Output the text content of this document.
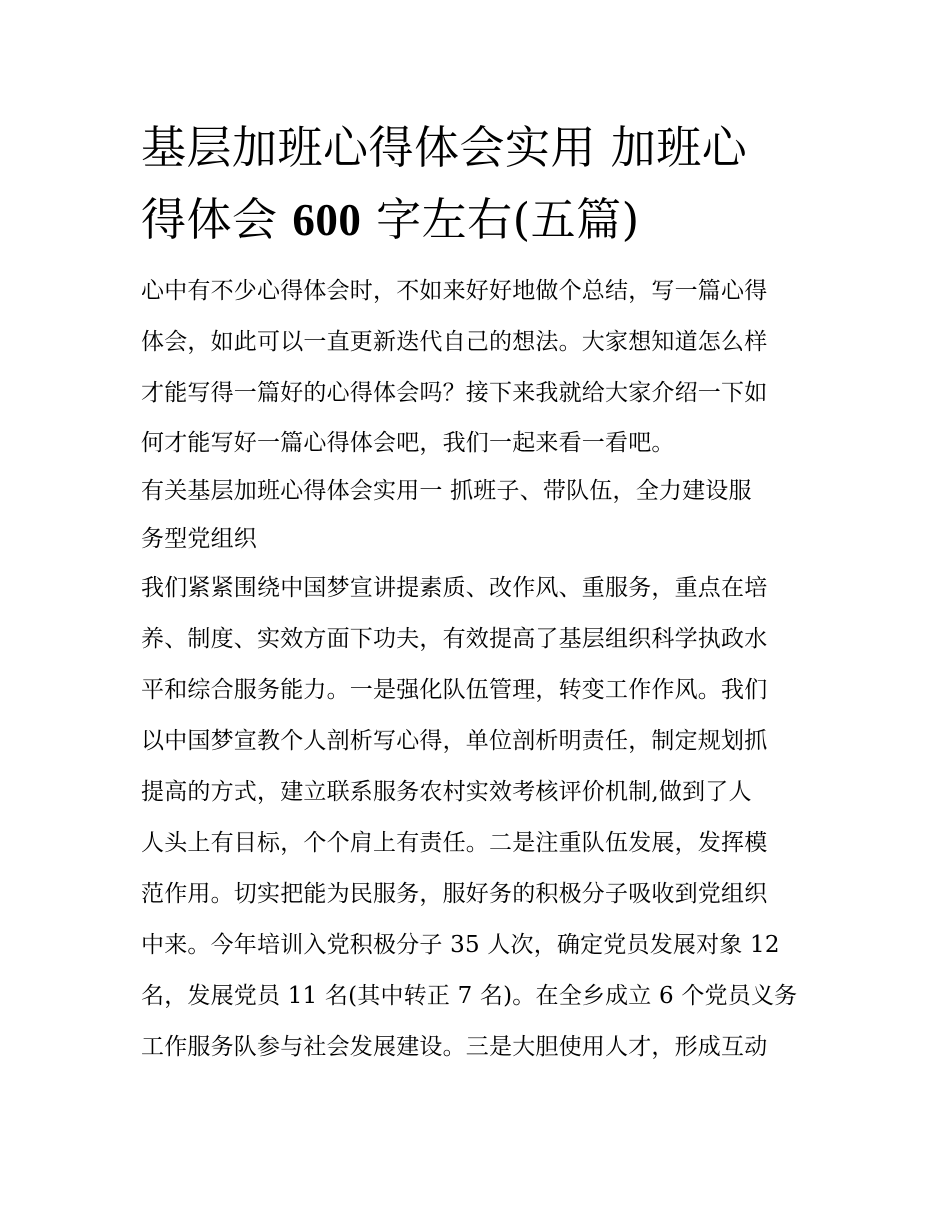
基层加班心得体会实用 加班心
得体会 600 字左右(五篇)
心中有不少心得体会时，不如来好好地做个总结，写一篇心得
体会，如此可以一直更新迭代自己的想法。大家想知道怎么样
才能写得一篇好的心得体会吗？接下来我就给大家介绍一下如
何才能写好一篇心得体会吧，我们一起来看一看吧。
有关基层加班心得体会实用一 抓班子、带队伍，全力建设服
务型党组织
我们紧紧围绕中国梦宣讲提素质、改作风、重服务，重点在培
养、制度、实效方面下功夫，有效提高了基层组织科学执政水
平和综合服务能力。一是强化队伍管理，转变工作作风。我们
以中国梦宣教个人剖析写心得，单位剖析明责任，制定规划抓
提高的方式，建立联系服务农村实效考核评价机制,做到了人
人头上有目标，个个肩上有责任。二是注重队伍发展，发挥模
范作用。切实把能为民服务，服好务的积极分子吸收到党组织
中来。今年培训入党积极分子 35 人次，确定党员发展对象 12
名，发展党员 11 名(其中转正 7 名)。在全乡成立 6 个党员义务
工作服务队参与社会发展建设。三是大胆使用人才，形成互动
